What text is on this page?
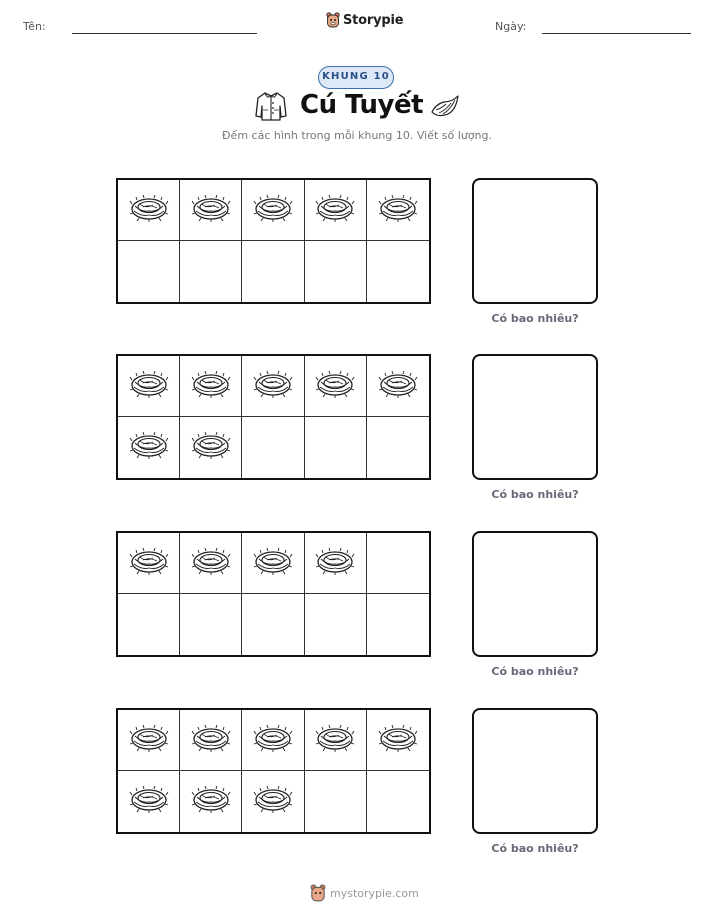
Tên:	Storypie	Ngày:
KHUNG 10
Cú Tuyết
Đếm các hình trong mỗi khung 10. Viết số lượng.
Có bao nhiêu?
Có bao nhiêu?
Có bao nhiêu?
Có bao nhiêu?
mystorypie.com
